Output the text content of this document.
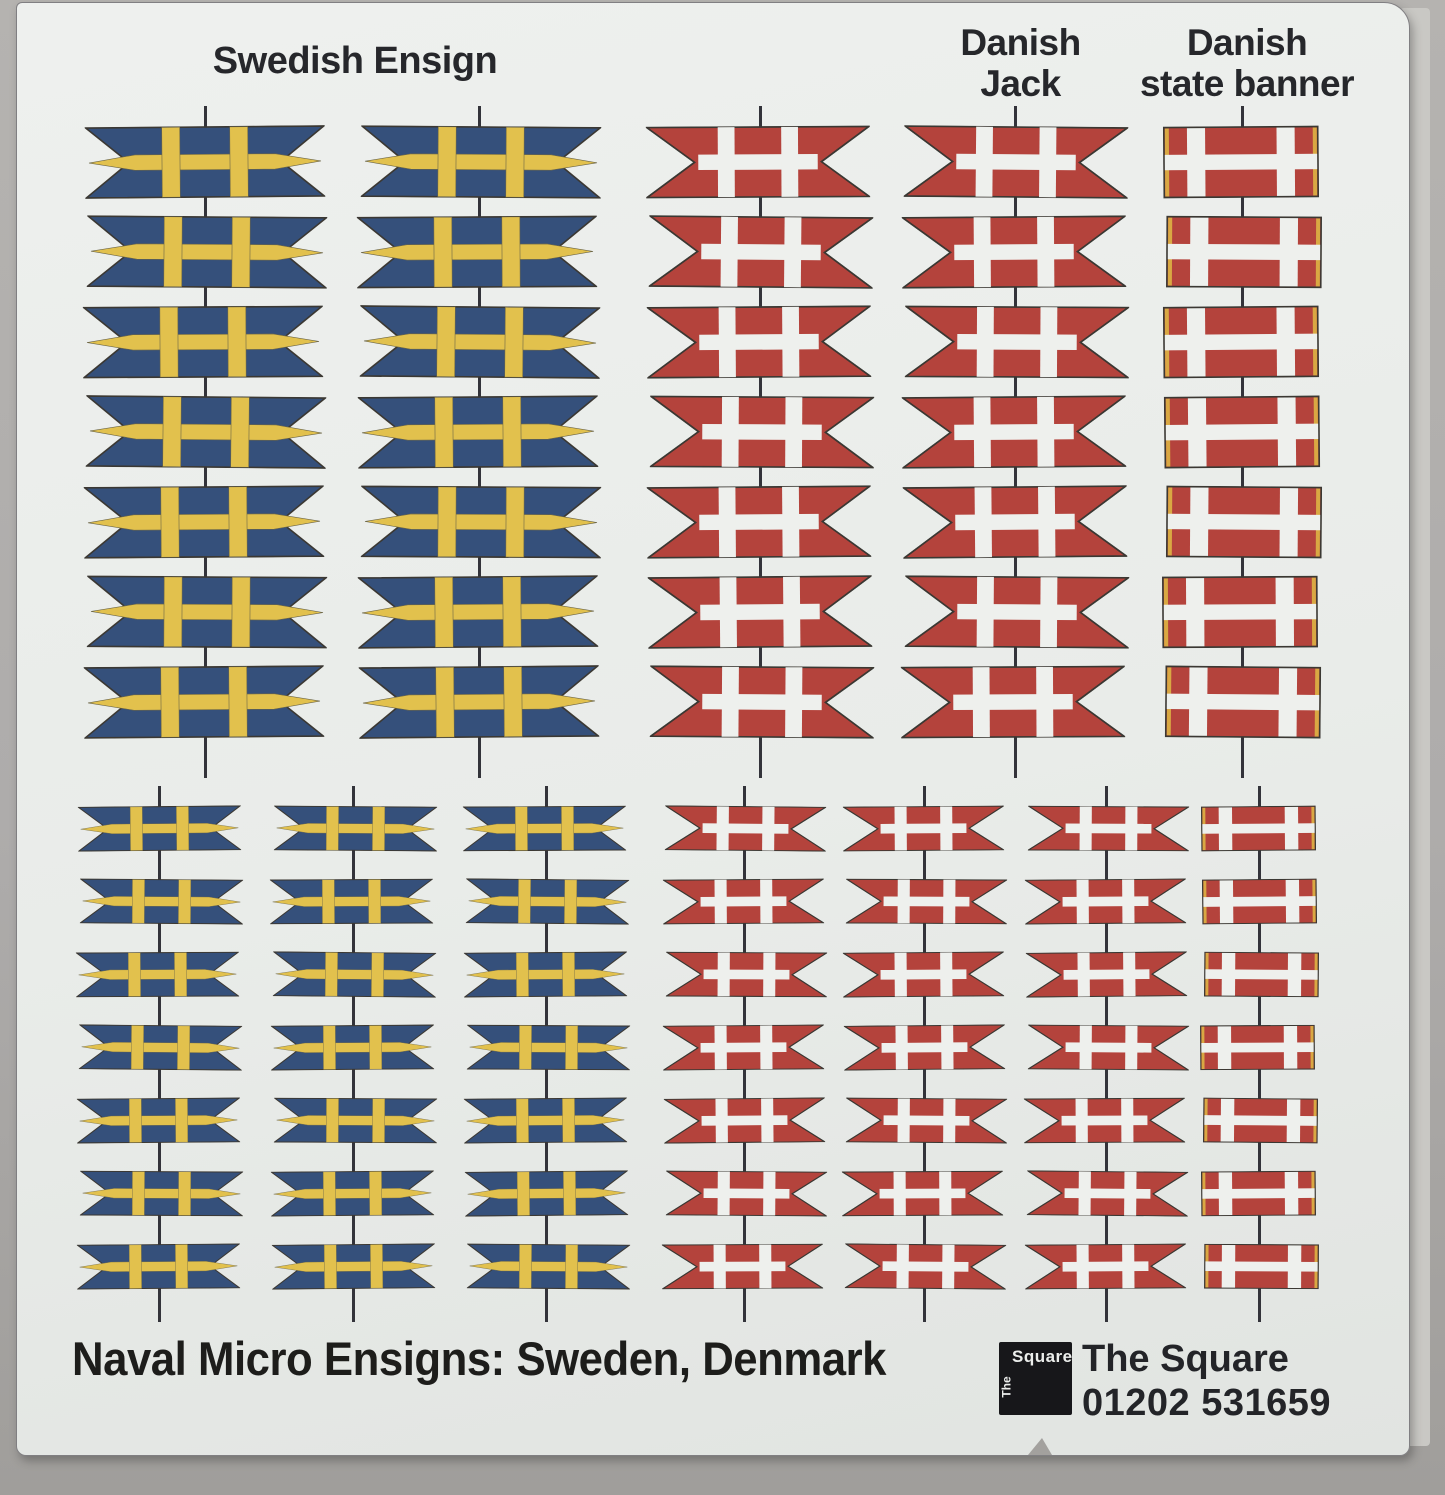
Swedish Ensign	Danish
Jack
Danish
state banner
Naval Micro Ensigns: Sweden, Denmark
The
Square The Square
01202 531659
